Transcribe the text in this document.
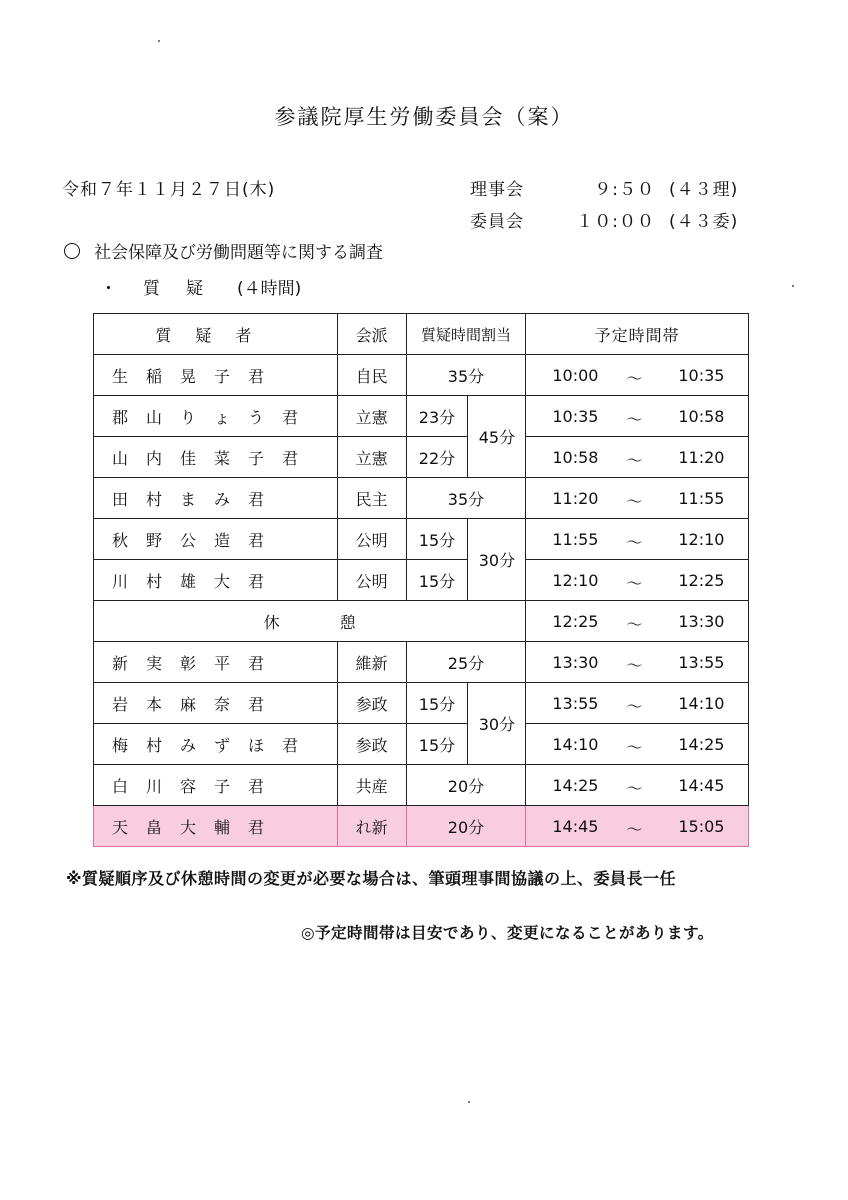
参議院厚生労働委員会（案）
令和７年１１月２７日(木)	理事会	９:５０ (４３理)
委員会	１０:００ (４３委)
社会保障及び労働問題等に関する調査
・質疑 (４時間)
質疑者	会派	質疑時間割当		予定時間帯
生稲晃子君	自民	35分		10:00 ～ 10:35

郡山りょう君	立憲	23分	45分	10:35 ～ 10:58

山内佳菜子君	立憲	22分		10:58 ～ 11:20

田村まみ君	民主	35分		11:20 ～ 11:55

秋野公造君	公明	15分	30分	11:55 ～ 12:10

川村雄大君	公明	15分		12:10 ～ 12:25

休憩				12:25 ～ 13:30

新実彰平君	維新	25分		13:30 ～ 13:55

岩本麻奈君	参政	15分	30分	13:55 ～ 14:10

梅村みずほ君	参政	15分		14:10 ～ 14:25

白川容子君	共産	20分		14:25 ～ 14:45

天畠大輔君	れ新	20分		14:45 ～ 15:05
※質疑順序及び休憩時間の変更が必要な場合は、筆頭理事間協議の上、委員長一任
◎予定時間帯は目安であり、変更になることがあります。
